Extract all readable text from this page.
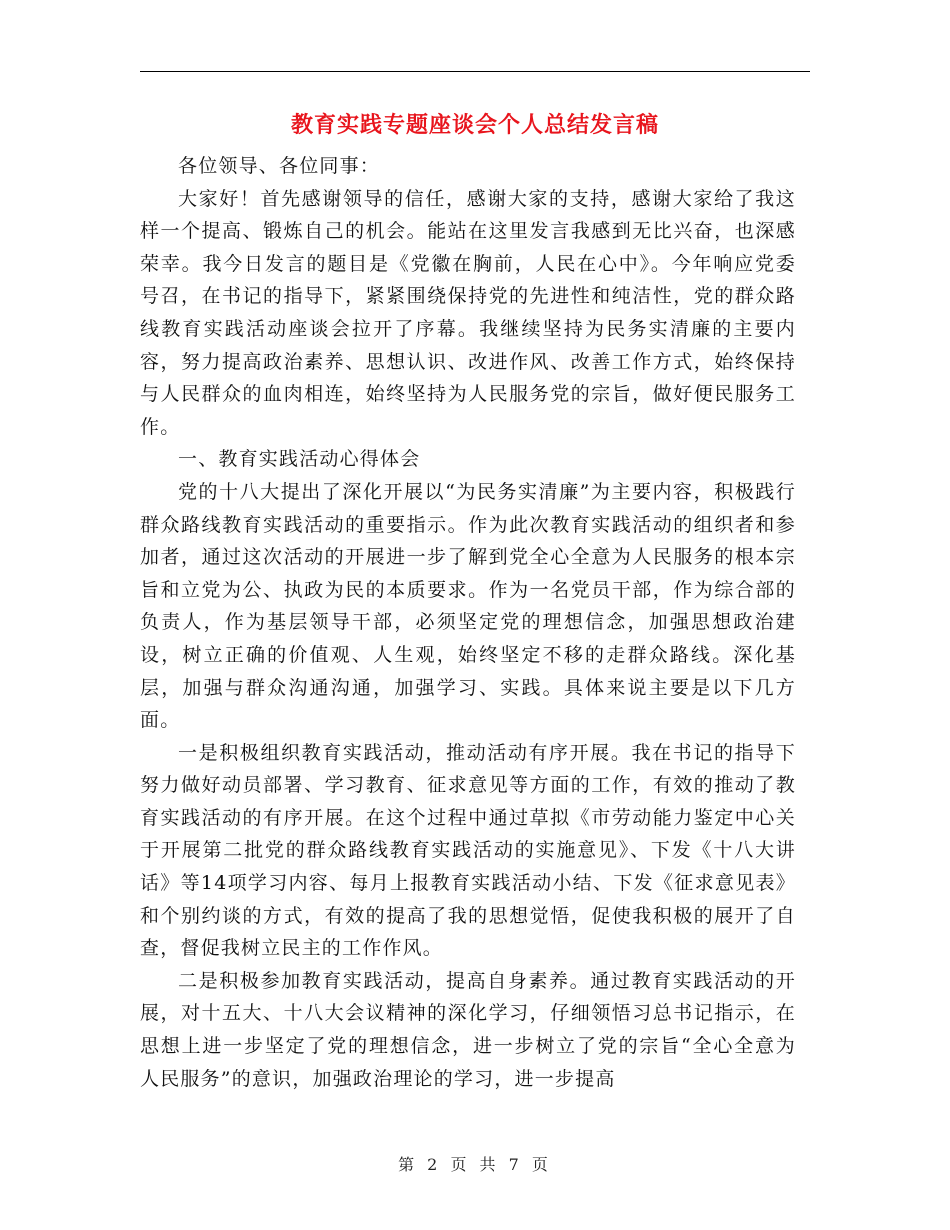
教育实践专题座谈会个人总结发言稿

各位领导、各位同事：

大家好！首先感谢领导的信任，感谢大家的支持，感谢大家给了我这样一个提高、锻炼自己的机会。能站在这里发言我感到无比兴奋，也深感荣幸。我今日发言的题目是《党徽在胸前，人民在心中》。今年响应党委号召，在书记的指导下，紧紧围绕保持党的先进性和纯洁性，党的群众路线教育实践活动座谈会拉开了序幕。我继续坚持为民务实清廉的主要内容，努力提高政治素养、思想认识、改进作风、改善工作方式，始终保持与人民群众的血肉相连，始终坚持为人民服务党的宗旨，做好便民服务工作。

一、教育实践活动心得体会

党的十八大提出了深化开展以“为民务实清廉”为主要内容，积极践行群众路线教育实践活动的重要指示。作为此次教育实践活动的组织者和参加者，通过这次活动的开展进一步了解到党全心全意为人民服务的根本宗旨和立党为公、执政为民的本质要求。作为一名党员干部，作为综合部的负责人，作为基层领导干部，必须坚定党的理想信念，加强思想政治建设，树立正确的价值观、人生观，始终坚定不移的走群众路线。深化基层，加强与群众沟通沟通，加强学习、实践。具体来说主要是以下几方面。

一是积极组织教育实践活动，推动活动有序开展。我在书记的指导下努力做好动员部署、学习教育、征求意见等方面的工作，有效的推动了教育实践活动的有序开展。在这个过程中通过草拟《市劳动能力鉴定中心关于开展第二批党的群众路线教育实践活动的实施意见》、下发《十八大讲话》等14项学习内容、每月上报教育实践活动小结、下发《征求意见表》和个别约谈的方式，有效的提高了我的思想觉悟，促使我积极的展开了自查，督促我树立民主的工作作风。

二是积极参加教育实践活动，提高自身素养。通过教育实践活动的开展，对十五大、十八大会议精神的深化学习，仔细领悟习总书记指示，在思想上进一步坚定了党的理想信念，进一步树立了党的宗旨“全心全意为人民服务”的意识，加强政治理论的学习，进一步提高

第 2 页 共 7 页
